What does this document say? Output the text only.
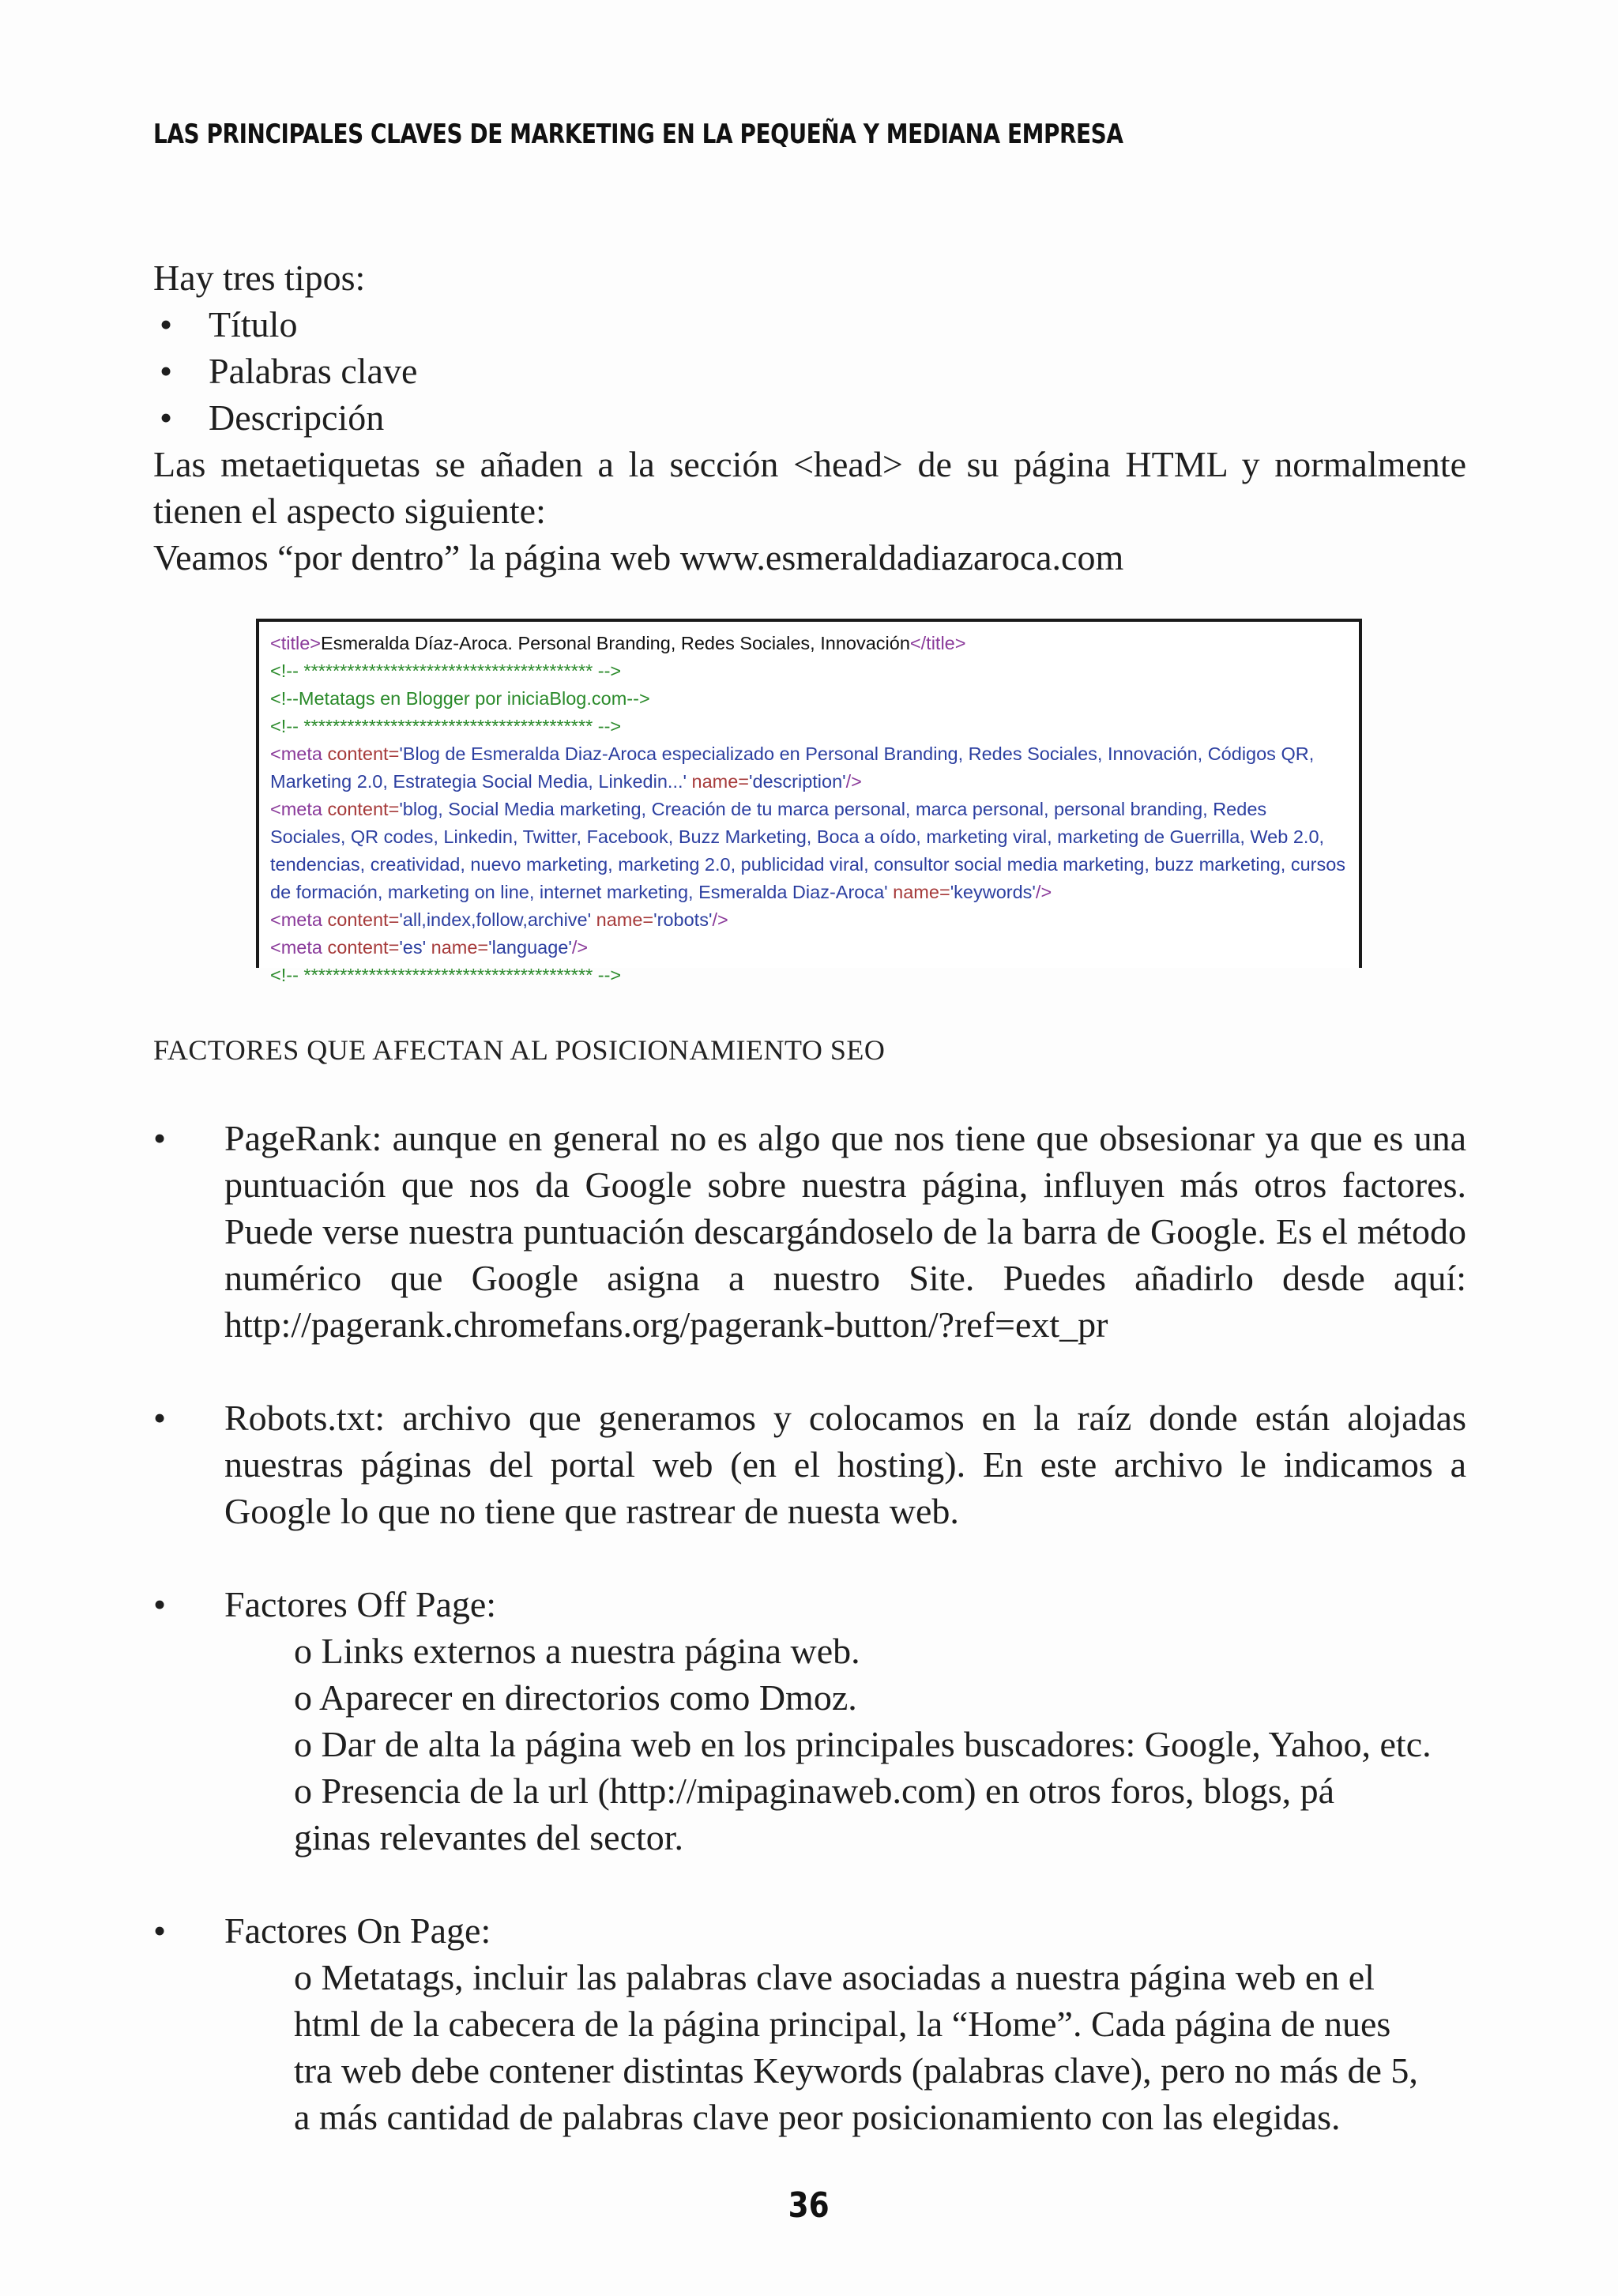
LAS PRINCIPALES CLAVES DE MARKETING EN LA PEQUEÑA Y MEDIANA EMPRESA

Hay tres tipos:

• Título
• Palabras clave
• Descripción

Las metaetiquetas se añaden a la sección <head> de su página HTML y normalmente tienen el aspecto siguiente:

Veamos “por dentro” la página web www.esmeraldadiazaroca.com

<title>Esmeralda Díaz-Aroca. Personal Branding, Redes Sociales, Innovación</title>
<!-- **************************************** -->
<!--Metatags en Blogger por iniciaBlog.com-->
<!-- **************************************** -->
<meta content='Blog de Esmeralda Diaz-Aroca especializado en Personal Branding, Redes Sociales, Innovación, Códigos QR,
Marketing 2.0, Estrategia Social Media, Linkedin...' name='description'/>
<meta content='blog, Social Media marketing, Creación de tu marca personal, marca personal, personal branding, Redes
Sociales, QR codes, Linkedin, Twitter, Facebook, Buzz Marketing, Boca a oído, marketing viral, marketing de Guerrilla, Web 2.0,
tendencias, creatividad, nuevo marketing, marketing 2.0, publicidad viral, consultor social media marketing, buzz marketing, cursos
de formación, marketing on line, internet marketing, Esmeralda Diaz-Aroca' name='keywords'/>
<meta content='all,index,follow,archive' name='robots'/>
<meta content='es' name='language'/>
<!-- **************************************** -->
FACTORES QUE AFECTAN AL POSICIONAMIENTO SEO
• PageRank: aunque en general no es algo que nos tiene que obsesionar ya que es una puntuación que nos da Google sobre nuestra página, influyen más otros factores. Puede verse nuestra puntuación descargándoselo de la barra de Google. Es el método numérico que Google asigna a nuestro Site. Puedes añadirlo desde aquí: http://pagerank.chromefans.org/pagerank-button/?ref=ext_pr

• Robots.txt: archivo que generamos y colocamos en la raíz donde están alojadas nuestras páginas del portal web (en el hosting). En este archivo le indicamos a Google lo que no tiene que rastrear de nuesta web.

• Factores Off Page:

o Links externos a nuestra página web.

o Aparecer en directorios como Dmoz.

o Dar de alta la página web en los principales buscadores: Google, Yahoo, etc.

o Presencia de la url (http://mipaginaweb.com) en otros foros, blogs, pá

ginas relevantes del sector.

• Factores On Page:

o Metatags, incluir las palabras clave asociadas a nuestra página web en el

html de la cabecera de la página principal, la “Home”. Cada página de nues

tra web debe contener distintas Keywords (palabras clave), pero no más de 5,

a más cantidad de palabras clave peor posicionamiento con las elegidas.

36
